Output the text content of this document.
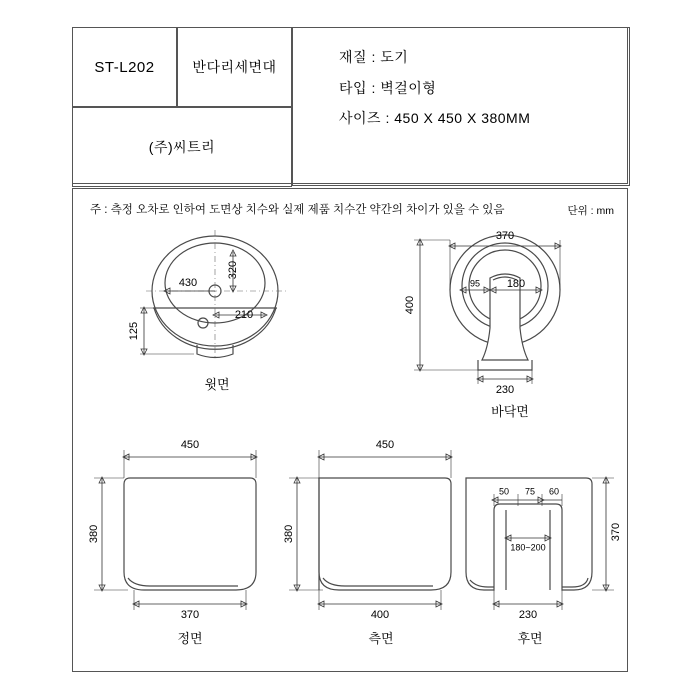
ST-L202	반다리세면대
(주)씨트리
재질 : 도기
타입 : 벽걸이형
사이즈 : 450 X 450 X 380MM
주 : 측정 오차로 인하여 도면상 치수와 실제 제품 치수간 약간의 차이가 있을 수 있음	단위 : mm
320
430
210
125
윗면
370
400
95 180
230
바닥면
450
380
370
정면
450
380
400
측면
50 75 60
180~200
370
230
후면
